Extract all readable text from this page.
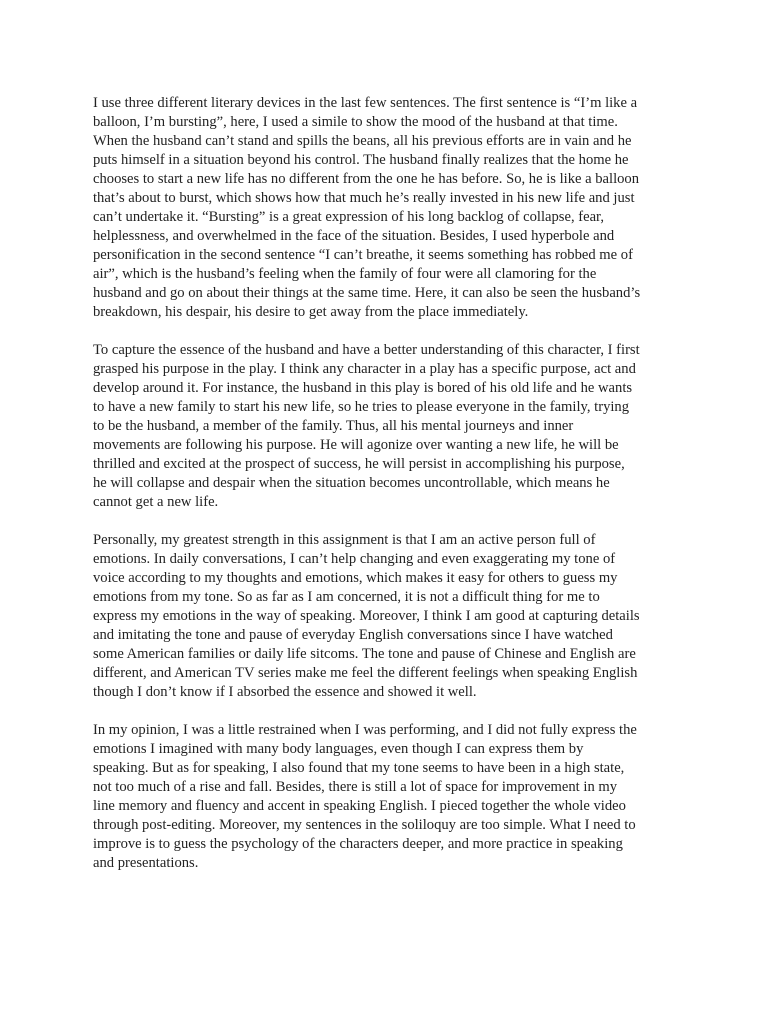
I use three different literary devices in the last few sentences. The first sentence is “I’m like a
balloon, I’m bursting”, here, I used a simile to show the mood of the husband at that time.
When the husband can’t stand and spills the beans, all his previous efforts are in vain and he
puts himself in a situation beyond his control. The husband finally realizes that the home he
chooses to start a new life has no different from the one he has before. So, he is like a balloon
that’s about to burst, which shows how that much he’s really invested in his new life and just
can’t undertake it. “Bursting” is a great expression of his long backlog of collapse, fear,
helplessness, and overwhelmed in the face of the situation. Besides, I used hyperbole and
personification in the second sentence “I can’t breathe, it seems something has robbed me of
air”, which is the husband’s feeling when the family of four were all clamoring for the
husband and go on about their things at the same time. Here, it can also be seen the husband’s
breakdown, his despair, his desire to get away from the place immediately.

To capture the essence of the husband and have a better understanding of this character, I first
grasped his purpose in the play. I think any character in a play has a specific purpose, act and
develop around it. For instance, the husband in this play is bored of his old life and he wants
to have a new family to start his new life, so he tries to please everyone in the family, trying
to be the husband, a member of the family. Thus, all his mental journeys and inner
movements are following his purpose. He will agonize over wanting a new life, he will be
thrilled and excited at the prospect of success, he will persist in accomplishing his purpose,
he will collapse and despair when the situation becomes uncontrollable, which means he
cannot get a new life.

Personally, my greatest strength in this assignment is that I am an active person full of
emotions. In daily conversations, I can’t help changing and even exaggerating my tone of
voice according to my thoughts and emotions, which makes it easy for others to guess my
emotions from my tone. So as far as I am concerned, it is not a difficult thing for me to
express my emotions in the way of speaking. Moreover, I think I am good at capturing details
and imitating the tone and pause of everyday English conversations since I have watched
some American families or daily life sitcoms. The tone and pause of Chinese and English are
different, and American TV series make me feel the different feelings when speaking English
though I don’t know if I absorbed the essence and showed it well.

In my opinion, I was a little restrained when I was performing, and I did not fully express the
emotions I imagined with many body languages, even though I can express them by
speaking. But as for speaking, I also found that my tone seems to have been in a high state,
not too much of a rise and fall. Besides, there is still a lot of space for improvement in my
line memory and fluency and accent in speaking English. I pieced together the whole video
through post-editing. Moreover, my sentences in the soliloquy are too simple. What I need to
improve is to guess the psychology of the characters deeper, and more practice in speaking
and presentations.
